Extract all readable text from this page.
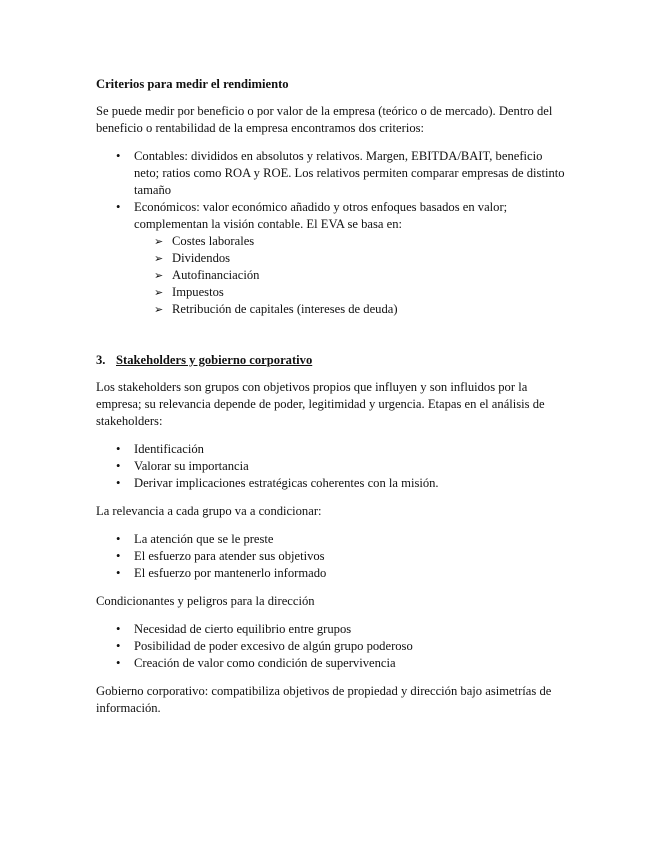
Criterios para medir el rendimiento

Se puede medir por beneficio o por valor de la empresa (teórico o de mercado). Dentro del beneficio o rentabilidad de la empresa encontramos dos criterios:

• Contables: divididos en absolutos y relativos. Margen, EBITDA/BAIT, beneficio neto; ratios como ROA y ROE. Los relativos permiten comparar empresas de distinto tamaño
• Económicos: valor económico añadido y otros enfoques basados en valor; complementan la visión contable. El EVA se basa en:
➢ Costes laborales
➢ Dividendos
➢ Autofinanciación
➢ Impuestos
➢ Retribución de capitales (intereses de deuda)
3. Stakeholders y gobierno corporativo

Los stakeholders son grupos con objetivos propios que influyen y son influidos por la empresa; su relevancia depende de poder, legitimidad y urgencia. Etapas en el análisis de stakeholders:

• Identificación
• Valorar su importancia
• Derivar implicaciones estratégicas coherentes con la misión.

La relevancia a cada grupo va a condicionar:

• La atención que se le preste
• El esfuerzo para atender sus objetivos
• El esfuerzo por mantenerlo informado

Condicionantes y peligros para la dirección

• Necesidad de cierto equilibrio entre grupos
• Posibilidad de poder excesivo de algún grupo poderoso
• Creación de valor como condición de supervivencia

Gobierno corporativo: compatibiliza objetivos de propiedad y dirección bajo asimetrías de información.
